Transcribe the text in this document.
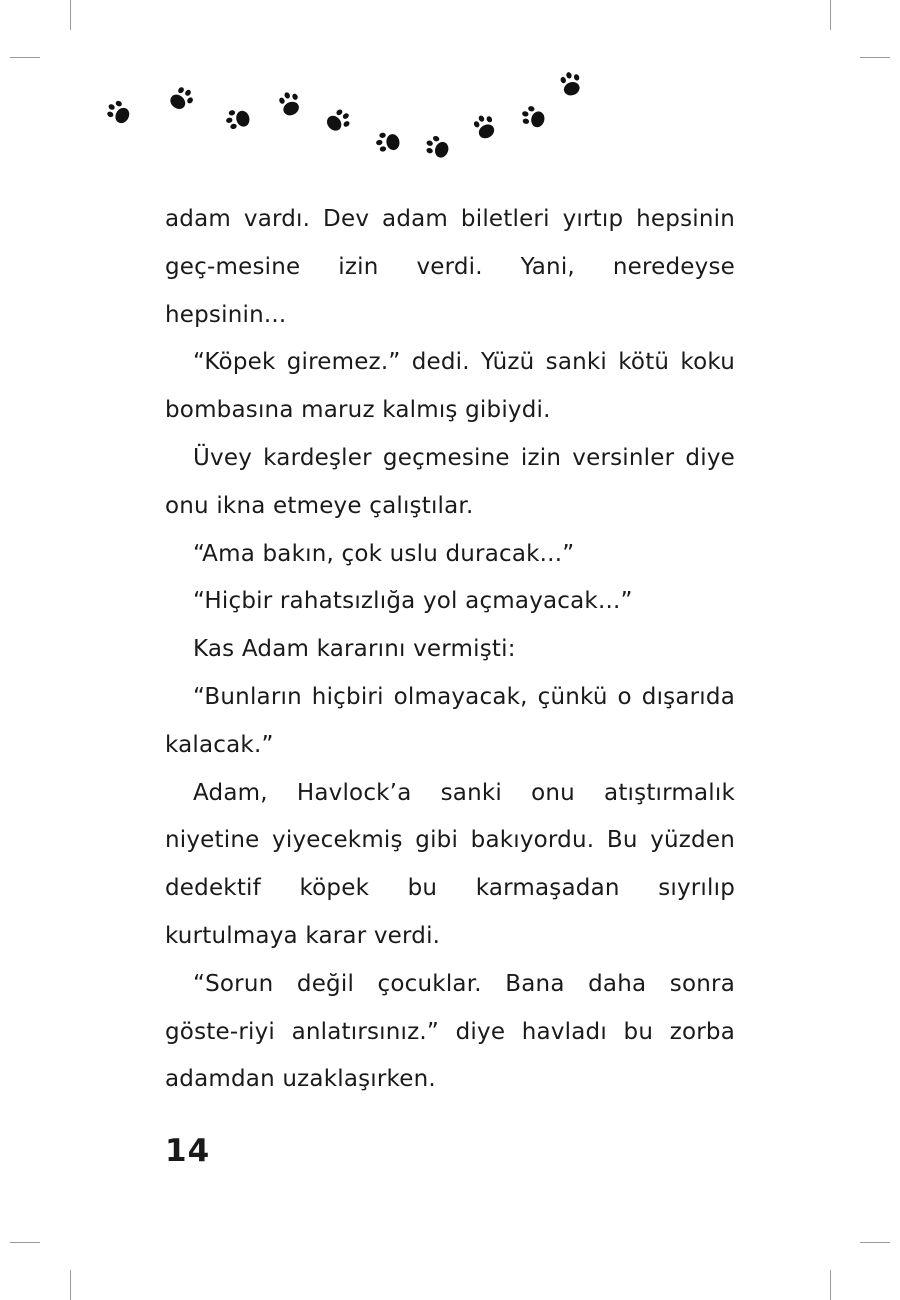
adam vardı. Dev adam biletleri yırtıp hepsinin geç-mesine izin verdi. Yani, neredeyse hepsinin...

“Köpek giremez.” dedi. Yüzü sanki kötü koku bombasına maruz kalmış gibiydi.

Üvey kardeşler geçmesine izin versinler diye onu ikna etmeye çalıştılar.

“Ama bakın, çok uslu duracak...”

“Hiçbir rahatsızlığa yol açmayacak...”

Kas Adam kararını vermişti:

“Bunların hiçbiri olmayacak, çünkü o dışarıda kalacak.”

Adam, Havlock’a sanki onu atıştırmalık niyetine yiyecekmiş gibi bakıyordu. Bu yüzden dedektif köpek bu karmaşadan sıyrılıp kurtulmaya karar verdi.

“Sorun değil çocuklar. Bana daha sonra göste-riyi anlatırsınız.” diye havladı bu zorba adamdan uzaklaşırken.

14
